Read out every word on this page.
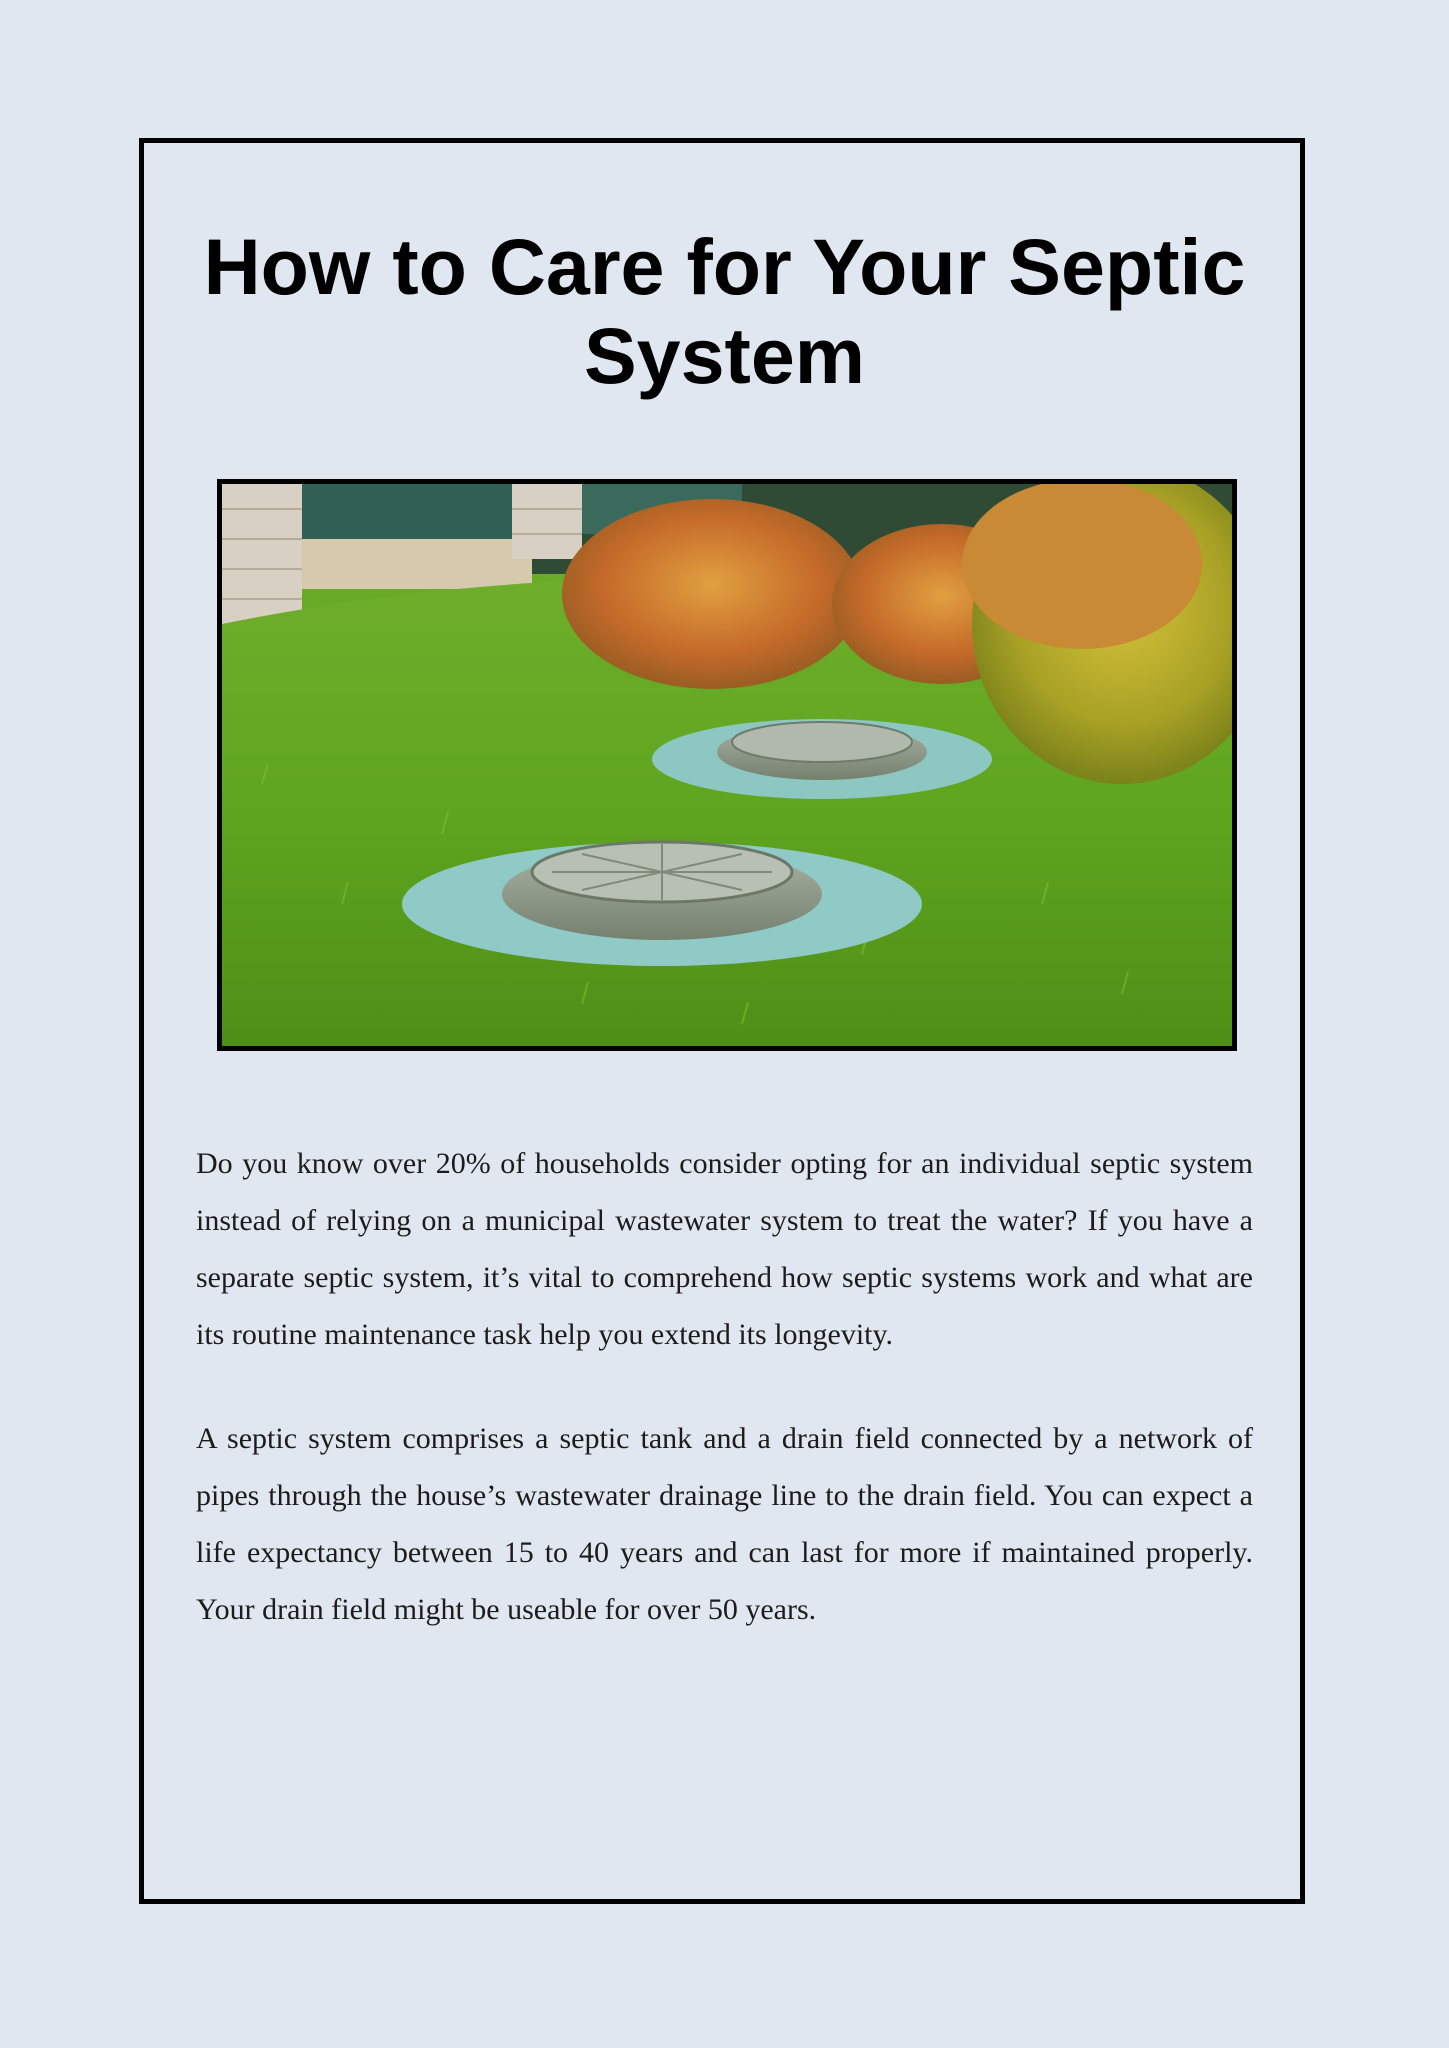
How to Care for Your Septic System

Do you know over 20% of households consider opting for an individual septic system instead of relying on a municipal wastewater system to treat the water? If you have a separate septic system, it’s vital to comprehend how septic systems work and what are its routine maintenance task help you extend its longevity.

A septic system comprises a septic tank and a drain field connected by a network of pipes through the house’s wastewater drainage line to the drain field. You can expect a life expectancy between 15 to 40 years and can last for more if maintained properly. Your drain field might be useable for over 50 years.
